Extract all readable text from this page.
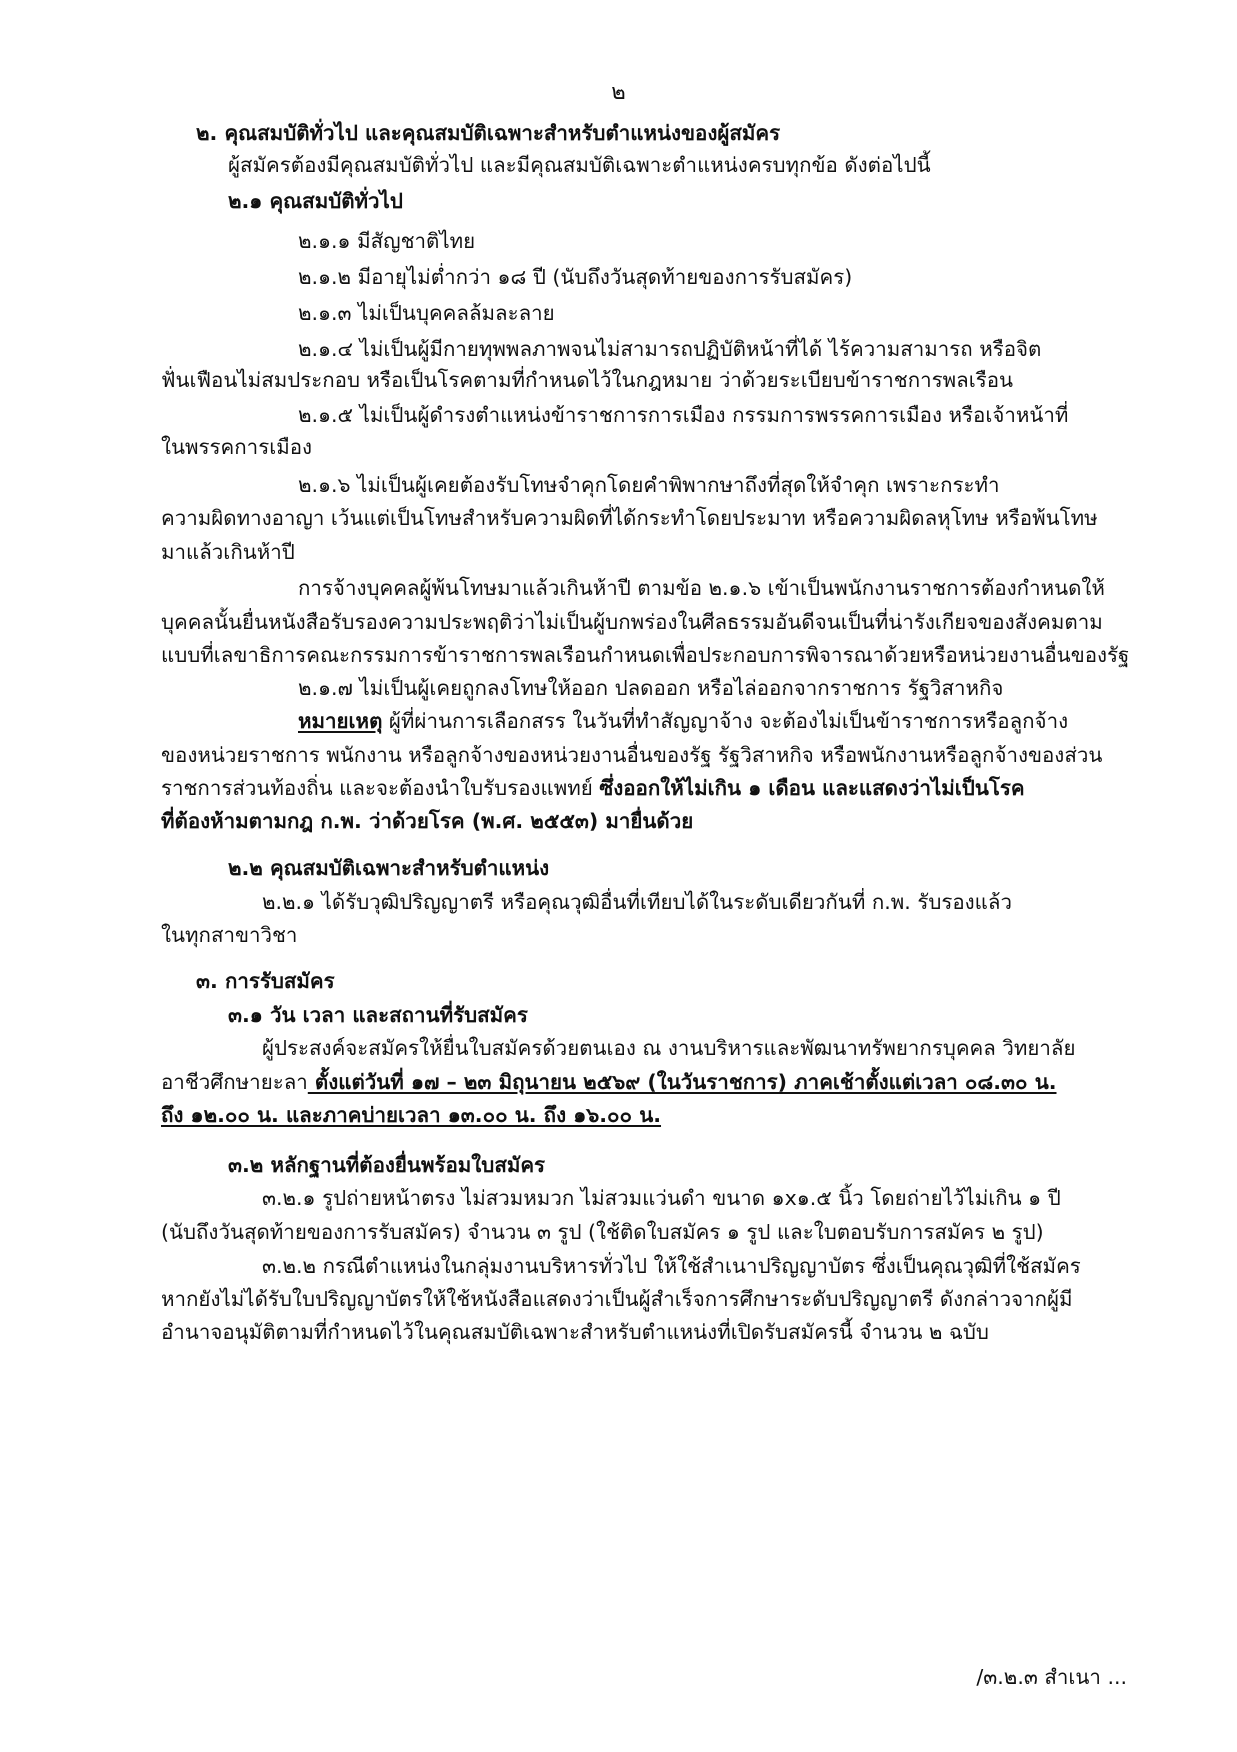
๒
๒. คุณสมบัติทั่วไป และคุณสมบัติเฉพาะสำหรับตำแหน่งของผู้สมัคร
ผู้สมัครต้องมีคุณสมบัติทั่วไป และมีคุณสมบัติเฉพาะตำแหน่งครบทุกข้อ ดังต่อไปนี้
๒.๑ คุณสมบัติทั่วไป
๒.๑.๑ มีสัญชาติไทย
๒.๑.๒ มีอายุไม่ต่ำกว่า ๑๘ ปี (นับถึงวันสุดท้ายของการรับสมัคร)
๒.๑.๓ ไม่เป็นบุคคลล้มละลาย
๒.๑.๔ ไม่เป็นผู้มีกายทุพพลภาพจนไม่สามารถปฏิบัติหน้าที่ได้ ไร้ความสามารถ หรือจิต
ฟั่นเฟือนไม่สมประกอบ หรือเป็นโรคตามที่กำหนดไว้ในกฎหมาย ว่าด้วยระเบียบข้าราชการพลเรือน
๒.๑.๕ ไม่เป็นผู้ดำรงตำแหน่งข้าราชการการเมือง กรรมการพรรคการเมือง หรือเจ้าหน้าที่
ในพรรคการเมือง
๒.๑.๖ ไม่เป็นผู้เคยต้องรับโทษจำคุกโดยคำพิพากษาถึงที่สุดให้จำคุก เพราะกระทำ
ความผิดทางอาญา เว้นแต่เป็นโทษสำหรับความผิดที่ได้กระทำโดยประมาท หรือความผิดลหุโทษ หรือพ้นโทษ
มาแล้วเกินห้าปี
การจ้างบุคคลผู้พ้นโทษมาแล้วเกินห้าปี ตามข้อ ๒.๑.๖ เข้าเป็นพนักงานราชการต้องกำหนดให้
บุคคลนั้นยื่นหนังสือรับรองความประพฤติว่าไม่เป็นผู้บกพร่องในศีลธรรมอันดีจนเป็นที่น่ารังเกียจของสังคมตาม
แบบที่เลขาธิการคณะกรรมการข้าราชการพลเรือนกำหนดเพื่อประกอบการพิจารณาด้วยหรือหน่วยงานอื่นของรัฐ
๒.๑.๗ ไม่เป็นผู้เคยถูกลงโทษให้ออก ปลดออก หรือไล่ออกจากราชการ รัฐวิสาหกิจ
หมายเหตุ ผู้ที่ผ่านการเลือกสรร ในวันที่ทำสัญญาจ้าง จะต้องไม่เป็นข้าราชการหรือลูกจ้าง
ของหน่วยราชการ พนักงาน หรือลูกจ้างของหน่วยงานอื่นของรัฐ รัฐวิสาหกิจ หรือพนักงานหรือลูกจ้างของส่วน
ราชการส่วนท้องถิ่น และจะต้องนำใบรับรองแพทย์ ซึ่งออกให้ไม่เกิน ๑ เดือน และแสดงว่าไม่เป็นโรค
ที่ต้องห้ามตามกฎ ก.พ. ว่าด้วยโรค (พ.ศ. ๒๕๕๓) มายื่นด้วย
๒.๒ คุณสมบัติเฉพาะสำหรับตำแหน่ง
๒.๒.๑ ได้รับวุฒิปริญญาตรี หรือคุณวุฒิอื่นที่เทียบได้ในระดับเดียวกันที่ ก.พ. รับรองแล้ว
ในทุกสาขาวิชา
๓. การรับสมัคร
๓.๑ วัน เวลา และสถานที่รับสมัคร
ผู้ประสงค์จะสมัครให้ยื่นใบสมัครด้วยตนเอง ณ งานบริหารและพัฒนาทรัพยากรบุคคล วิทยาลัย
อาชีวศึกษายะลา ตั้งแต่วันที่ ๑๗ – ๒๓ มิถุนายน ๒๕๖๙ (ในวันราชการ) ภาคเช้าตั้งแต่เวลา ๐๘.๓๐ น.
ถึง ๑๒.๐๐ น. และภาคบ่ายเวลา ๑๓.๐๐ น. ถึง ๑๖.๐๐ น.
๓.๒ หลักฐานที่ต้องยื่นพร้อมใบสมัคร
๓.๒.๑ รูปถ่ายหน้าตรง ไม่สวมหมวก ไม่สวมแว่นดำ ขนาด ๑x๑.๕ นิ้ว โดยถ่ายไว้ไม่เกิน ๑ ปี
(นับถึงวันสุดท้ายของการรับสมัคร) จำนวน ๓ รูป (ใช้ติดใบสมัคร ๑ รูป และใบตอบรับการสมัคร ๒ รูป)
๓.๒.๒ กรณีตำแหน่งในกลุ่มงานบริหารทั่วไป ให้ใช้สำเนาปริญญาบัตร ซึ่งเป็นคุณวุฒิที่ใช้สมัคร
หากยังไม่ได้รับใบปริญญาบัตรให้ใช้หนังสือแสดงว่าเป็นผู้สำเร็จการศึกษาระดับปริญญาตรี ดังกล่าวจากผู้มี
อำนาจอนุมัติตามที่กำหนดไว้ในคุณสมบัติเฉพาะสำหรับตำแหน่งที่เปิดรับสมัครนี้ จำนวน ๒ ฉบับ
/๓.๒.๓ สำเนา ...
